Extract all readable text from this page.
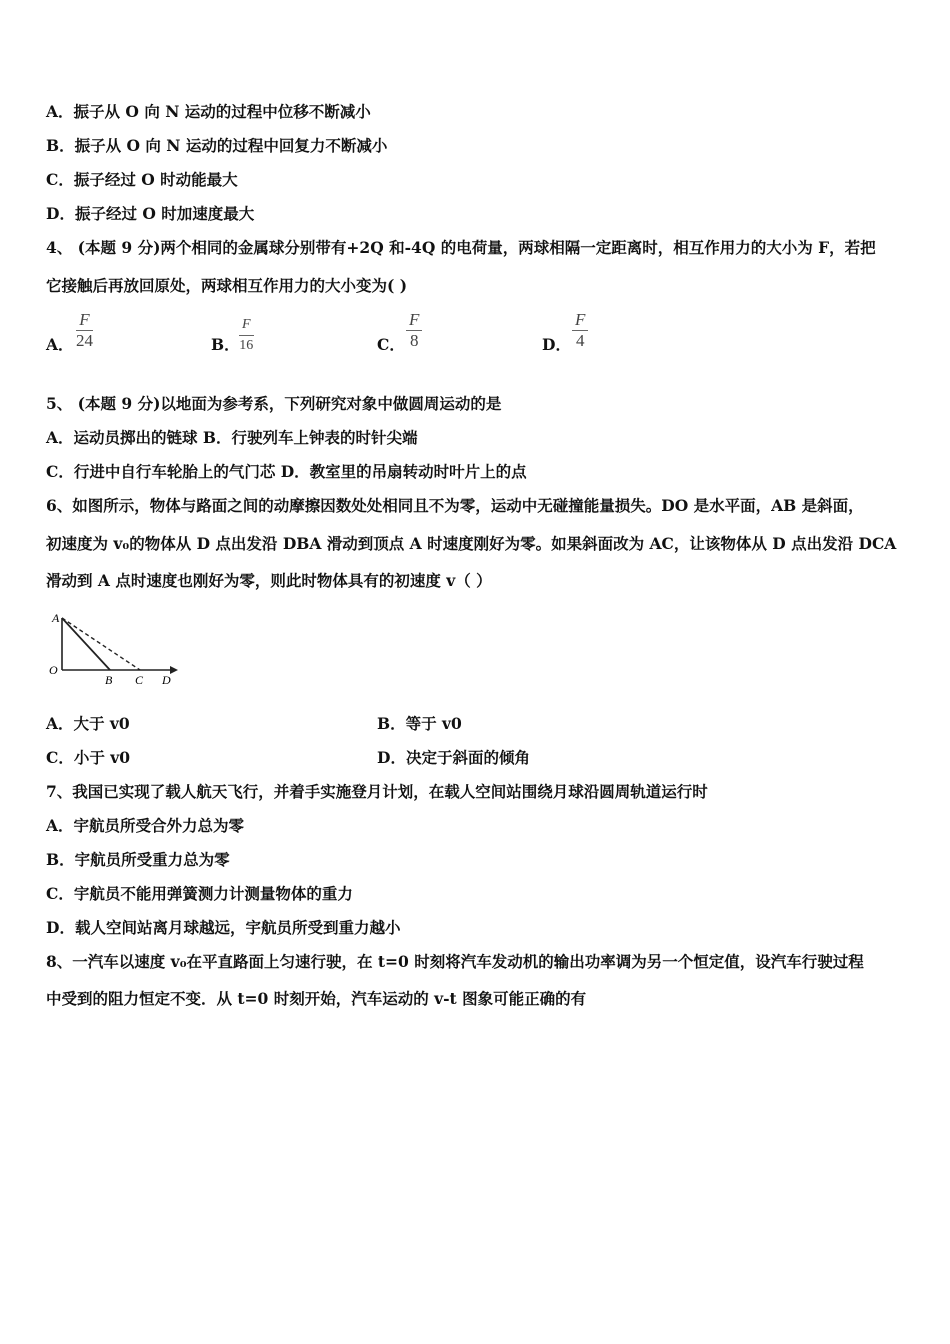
A．振子从 O 向 N 运动的过程中位移不断减小
B．振子从 O 向 N 运动的过程中回复力不断减小
C．振子经过 O 时动能最大
D．振子经过 O 时加速度最大
4、 (本题 9 分)两个相同的金属球分别带有+2Q 和-4Q 的电荷量，两球相隔一定距离时，相互作用力的大小为 F，若把
它接触后再放回原处，两球相互作用力的大小变为( )
A． $\frac{F}{24}$	B． $\frac{F}{16}$	C． $\frac{F}{8}$	D． $\frac{F}{4}$
5、 (本题 9 分)以地面为参考系，下列研究对象中做圆周运动的是
A．运动员掷出的链球 B．行驶列车上钟表的时针尖端
C．行进中自行车轮胎上的气门芯 D．教室里的吊扇转动时叶片上的点
6、如图所示，物体与路面之间的动摩擦因数处处相同且不为零，运动中无碰撞能量损失。DO 是水平面，AB 是斜面，
初速度为 v₀的物体从 D 点出发沿 DBA 滑动到顶点 A 时速度刚好为零。如果斜面改为 AC，让该物体从 D 点出发沿 DCA
滑动到 A 点时速度也刚好为零，则此时物体具有的初速度 v（ ）
A
O
B C D
A．大于 v0	B．等于 v0
C．小于 v0	D．决定于斜面的倾角
7、我国已实现了载人航天飞行，并着手实施登月计划，在载人空间站围绕月球沿圆周轨道运行时
A．宇航员所受合外力总为零
B．宇航员所受重力总为零
C．宇航员不能用弹簧测力计测量物体的重力
D．载人空间站离月球越远，宇航员所受到重力越小
8、一汽车以速度 v₀在平直路面上匀速行驶，在 t=0 时刻将汽车发动机的输出功率调为另一个恒定值，设汽车行驶过程
中受到的阻力恒定不变．从 t=0 时刻开始，汽车运动的 v-t 图象可能正确的有
